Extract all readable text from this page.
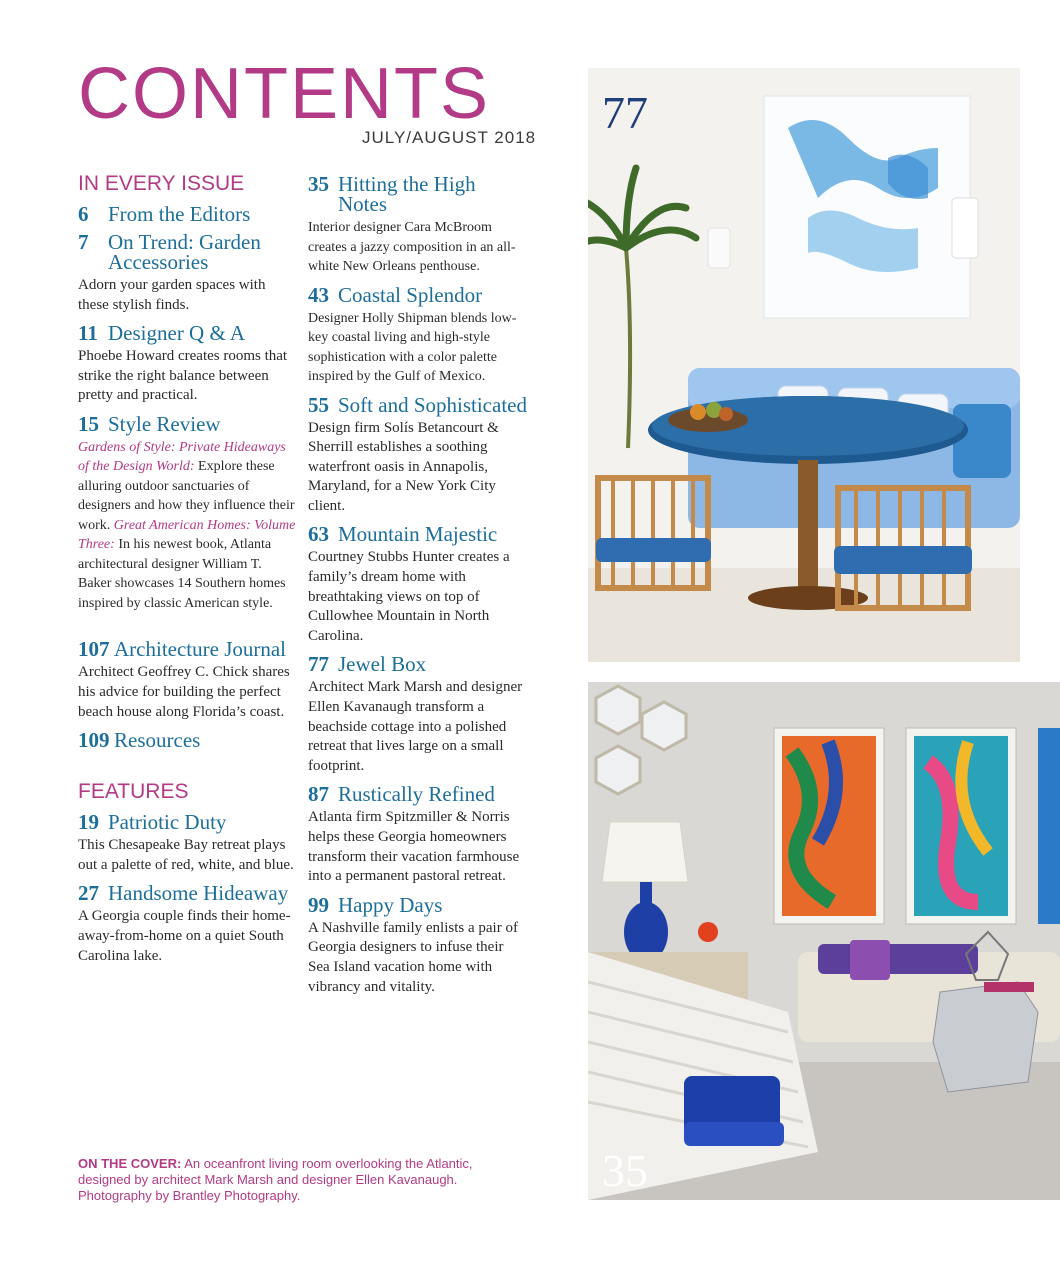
CONTENTS
JULY/AUGUST 2018
IN EVERY ISSUE
6 From the Editors
7 On Trend: Garden Accessories
Adorn your garden spaces with these stylish finds.
11 Designer Q & A
Phoebe Howard creates rooms that strike the right balance between pretty and practical.
15 Style Review
Gardens of Style: Private Hideaways of the Design World: Explore these alluring outdoor sanctuaries of designers and how they influence their work. Great American Homes: Volume Three: In his newest book, Atlanta architectural designer William T. Baker showcases 14 Southern homes inspired by classic American style.
107 Architecture Journal
Architect Geoffrey C. Chick shares his advice for building the perfect beach house along Florida’s coast.
109 Resources
FEATURES
19 Patriotic Duty
This Chesapeake Bay retreat plays out a palette of red, white, and blue.
27 Handsome Hideaway
A Georgia couple finds their home-away-from-home on a quiet South Carolina lake.
35 Hitting the High Notes
Interior designer Cara McBroom creates a jazzy composition in an all-white New Orleans penthouse.
43 Coastal Splendor
Designer Holly Shipman blends low-key coastal living and high-style sophistication with a color palette inspired by the Gulf of Mexico.
55 Soft and Sophisticated
Design firm Solís Betancourt & Sherrill establishes a soothing waterfront oasis in Annapolis, Maryland, for a New York City client.
63 Mountain Majestic
Courtney Stubbs Hunter creates a family’s dream home with breathtaking views on top of Cullowhee Mountain in North Carolina.
77 Jewel Box
Architect Mark Marsh and designer Ellen Kavanaugh transform a beachside cottage into a polished retreat that lives large on a small footprint.
87 Rustically Refined
Atlanta firm Spitzmiller & Norris helps these Georgia homeowners transform their vacation farmhouse into a permanent pastoral retreat.
99 Happy Days
A Nashville family enlists a pair of Georgia designers to infuse their Sea Island vacation home with vibrancy and vitality.
ON THE COVER: An oceanfront living room overlooking the Atlantic, designed by architect Mark Marsh and designer Ellen Kavanaugh. Photography by Brantley Photography.
77
35
